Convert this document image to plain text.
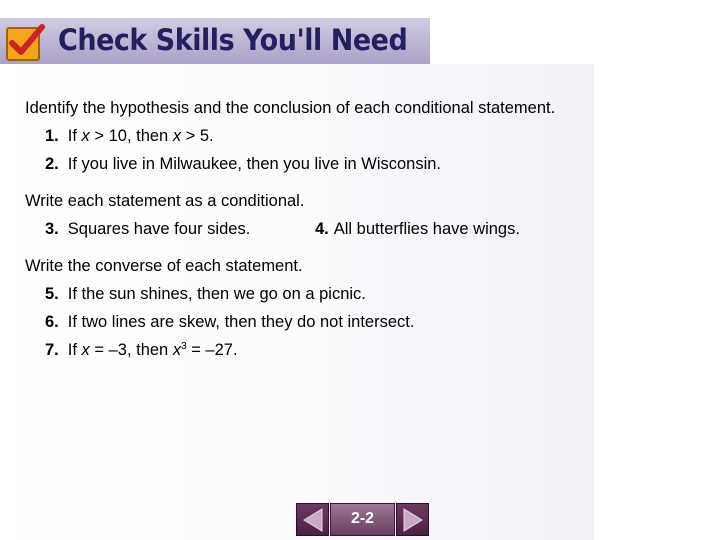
Check Skills You'll Need
Identify the hypothesis and the conclusion of each conditional statement.
1. If x > 10, then x > 5.
2. If you live in Milwaukee, then you live in Wisconsin.
Write each statement as a conditional.
3. Squares have four sides.	4. All butterflies have wings.
Write the converse of each statement.
5. If the sun shines, then we go on a picnic.
6. If two lines are skew, then they do not intersect.
7. If x = –3, then $x^3 = -27$.
2-2
